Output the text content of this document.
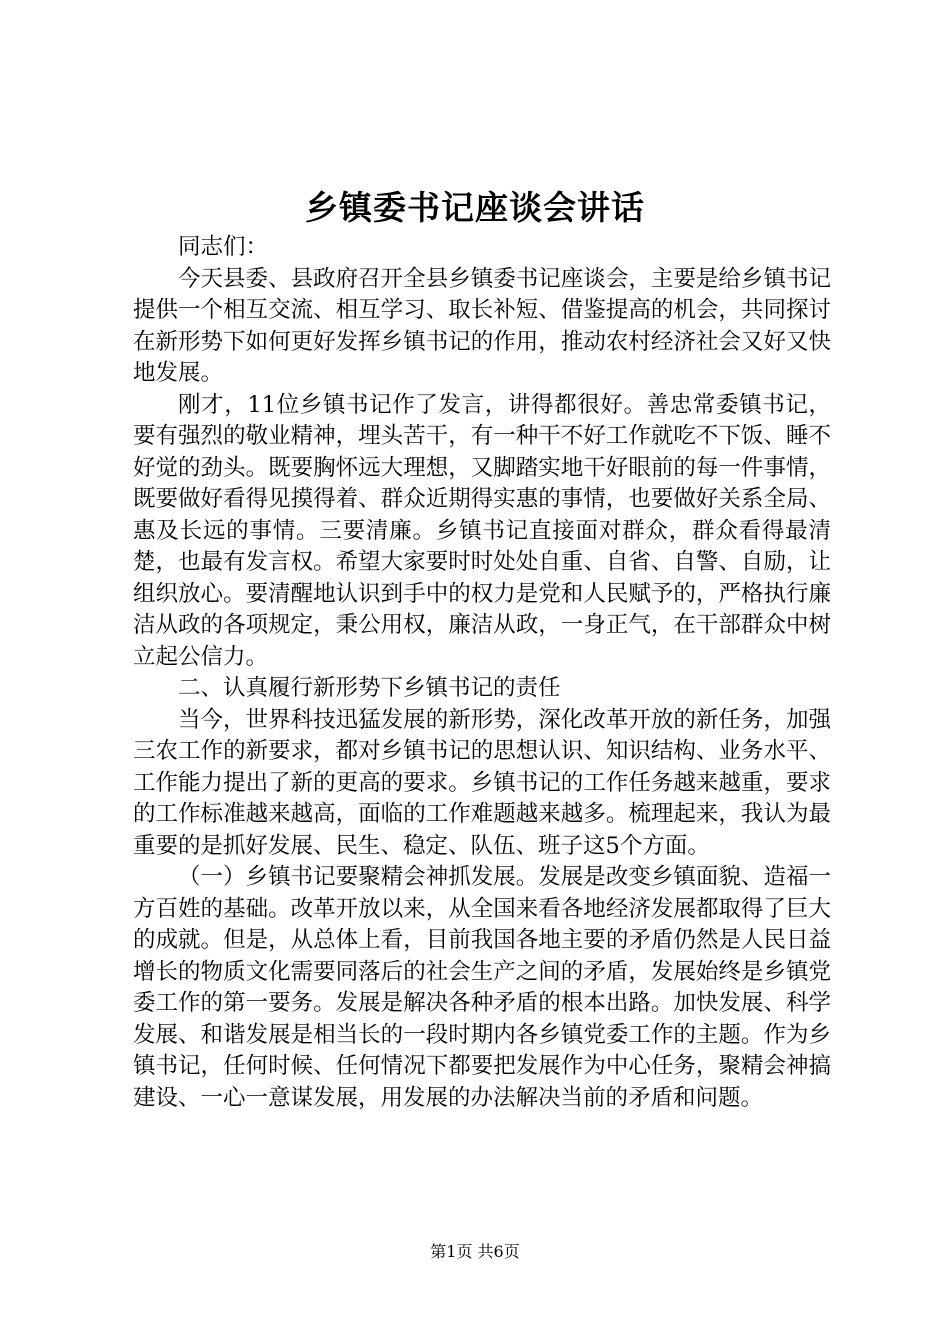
乡镇委书记座谈会讲话

同志们：

今天县委、县政府召开全县乡镇委书记座谈会，主要是给乡镇书记提供一个相互交流、相互学习、取长补短、借鉴提高的机会，共同探讨在新形势下如何更好发挥乡镇书记的作用，推动农村经济社会又好又快地发展。

刚才，11位乡镇书记作了发言，讲得都很好。善忠常委镇书记，要有强烈的敬业精神，埋头苦干，有一种干不好工作就吃不下饭、睡不好觉的劲头。既要胸怀远大理想，又脚踏实地干好眼前的每一件事情，既要做好看得见摸得着、群众近期得实惠的事情，也要做好关系全局、惠及长远的事情。三要清廉。乡镇书记直接面对群众，群众看得最清楚，也最有发言权。希望大家要时时处处自重、自省、自警、自励，让组织放心。要清醒地认识到手中的权力是党和人民赋予的，严格执行廉洁从政的各项规定，秉公用权，廉洁从政，一身正气，在干部群众中树立起公信力。

二、认真履行新形势下乡镇书记的责任

当今，世界科技迅猛发展的新形势，深化改革开放的新任务，加强三农工作的新要求，都对乡镇书记的思想认识、知识结构、业务水平、工作能力提出了新的更高的要求。乡镇书记的工作任务越来越重，要求的工作标准越来越高，面临的工作难题越来越多。梳理起来，我认为最重要的是抓好发展、民生、稳定、队伍、班子这5个方面。

（一）乡镇书记要聚精会神抓发展。发展是改变乡镇面貌、造福一方百姓的基础。改革开放以来，从全国来看各地经济发展都取得了巨大的成就。但是，从总体上看，目前我国各地主要的矛盾仍然是人民日益增长的物质文化需要同落后的社会生产之间的矛盾，发展始终是乡镇党委工作的第一要务。发展是解决各种矛盾的根本出路。加快发展、科学发展、和谐发展是相当长的一段时期内各乡镇党委工作的主题。作为乡镇书记，任何时候、任何情况下都要把发展作为中心任务，聚精会神搞建设、一心一意谋发展，用发展的办法解决当前的矛盾和问题。

第1页 共6页
